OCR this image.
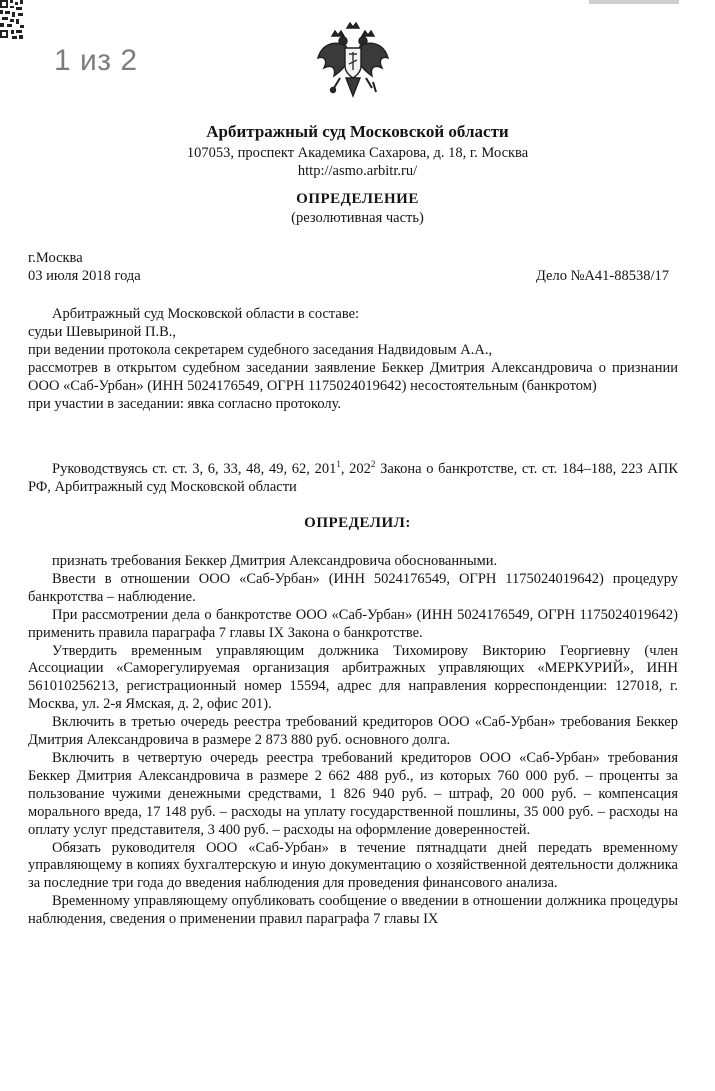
1 из 2
Арбитражный суд Московской области
107053, проспект Академика Сахарова, д. 18, г. Москва
http://asmo.arbitr.ru/
ОПРЕДЕЛЕНИЕ
(резолютивная часть)
г.Москва
03 июля 2018 года	Дело №А41-88538/17

Арбитражный суд Московской области в составе:

судьи Шевыриной П.В.,

при ведении протокола секретарем судебного заседания Надвидовым А.А.,

рассмотрев в открытом судебном заседании заявление Беккер Дмитрия Александровича о признании ООО «Саб-Урбан» (ИНН 5024176549, ОГРН 1175024019642) несостоятельным (банкротом)

при участии в заседании: явка согласно протоколу.

Руководствуясь ст. ст. 3, 6, 33, 48, 49, 62, $201^1$, $202^2$ Закона о банкротстве, ст. ст. 184–188, 223 АПК РФ, Арбитражный суд Московской области

ОПРЕДЕЛИЛ:

признать требования Беккер Дмитрия Александровича обоснованными.

Ввести в отношении ООО «Саб-Урбан» (ИНН 5024176549, ОГРН 1175024019642) процедуру банкротства – наблюдение.

При рассмотрении дела о банкротстве ООО «Саб-Урбан» (ИНН 5024176549, ОГРН 1175024019642) применить правила параграфа 7 главы IX Закона о банкротстве.

Утвердить временным управляющим должника Тихомирову Викторию Георгиевну (член Ассоциации «Саморегулируемая организация арбитражных управляющих «МЕРКУРИЙ», ИНН 561010256213, регистрационный номер 15594, адрес для направления корреспонденции: 127018, г. Москва, ул. 2-я Ямская, д. 2, офис 201).

Включить в третью очередь реестра требований кредиторов ООО «Саб-Урбан» требования Беккер Дмитрия Александровича в размере 2 873 880 руб. основного долга.

Включить в четвертую очередь реестра требований кредиторов ООО «Саб-Урбан» требования Беккер Дмитрия Александровича в размере 2 662 488 руб., из которых 760 000 руб. – проценты за пользование чужими денежными средствами, 1 826 940 руб. – штраф, 20 000 руб. – компенсация морального вреда, 17 148 руб. – расходы на уплату государственной пошлины, 35 000 руб. – расходы на оплату услуг представителя, 3 400 руб. – расходы на оформление доверенностей.

Обязать руководителя ООО «Саб-Урбан» в течение пятнадцати дней передать временному управляющему в копиях бухгалтерскую и иную документацию о хозяйственной деятельности должника за последние три года до введения наблюдения для проведения финансового анализа.

Временному управляющему опубликовать сообщение о введении в отношении должника процедуры наблюдения, сведения о применении правил параграфа 7 главы IX
